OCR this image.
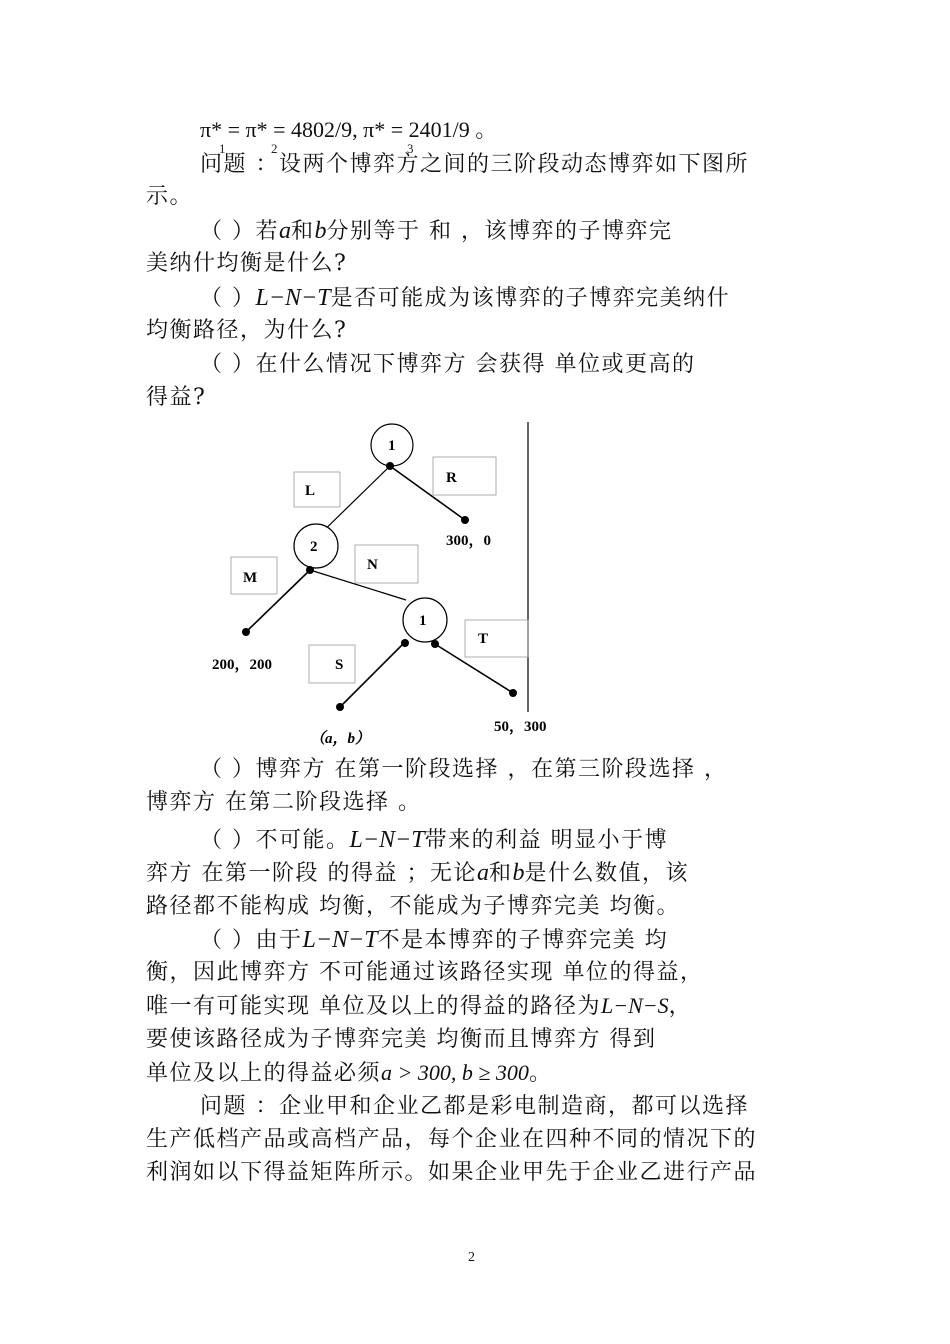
π* = π* = 4802/9, π* = 2401/9 。
1	2	3
问题 ：设两个博弈方之间的三阶段动态博弈如下图所
示。
（ ）若a和b分别等于 和 ，该博弈的子博弈完
美纳什均衡是什么?
（ ）L−N−T是否可能成为该博弈的子博弈完美纳什
均衡路径，为什么?
（ ）在什么情况下博弈方 会获得 单位或更高的
得益?
1
2
1
L
R
M
N
S
T
300，0
200，200
50，300
（a，b）
（ ）博弈方 在第一阶段选择 ，在第三阶段选择 ，
博弈方 在第二阶段选择 。
（ ）不可能。L−N−T带来的利益 明显小于博
弈方 在第一阶段 的得益 ；无论a和b是什么数值，该
路径都不能构成 均衡，不能成为子博弈完美 均衡。
（ ）由于L−N−T不是本博弈的子博弈完美 均
衡，因此博弈方 不可能通过该路径实现 单位的得益，
唯一有可能实现 单位及以上的得益的路径为L−N−S，
要使该路径成为子博弈完美 均衡而且博弈方 得到
单位及以上的得益必须a > 300, b ≥ 300。
问题 ：企业甲和企业乙都是彩电制造商，都可以选择
生产低档产品或高档产品，每个企业在四种不同的情况下的
利润如以下得益矩阵所示。如果企业甲先于企业乙进行产品
2
